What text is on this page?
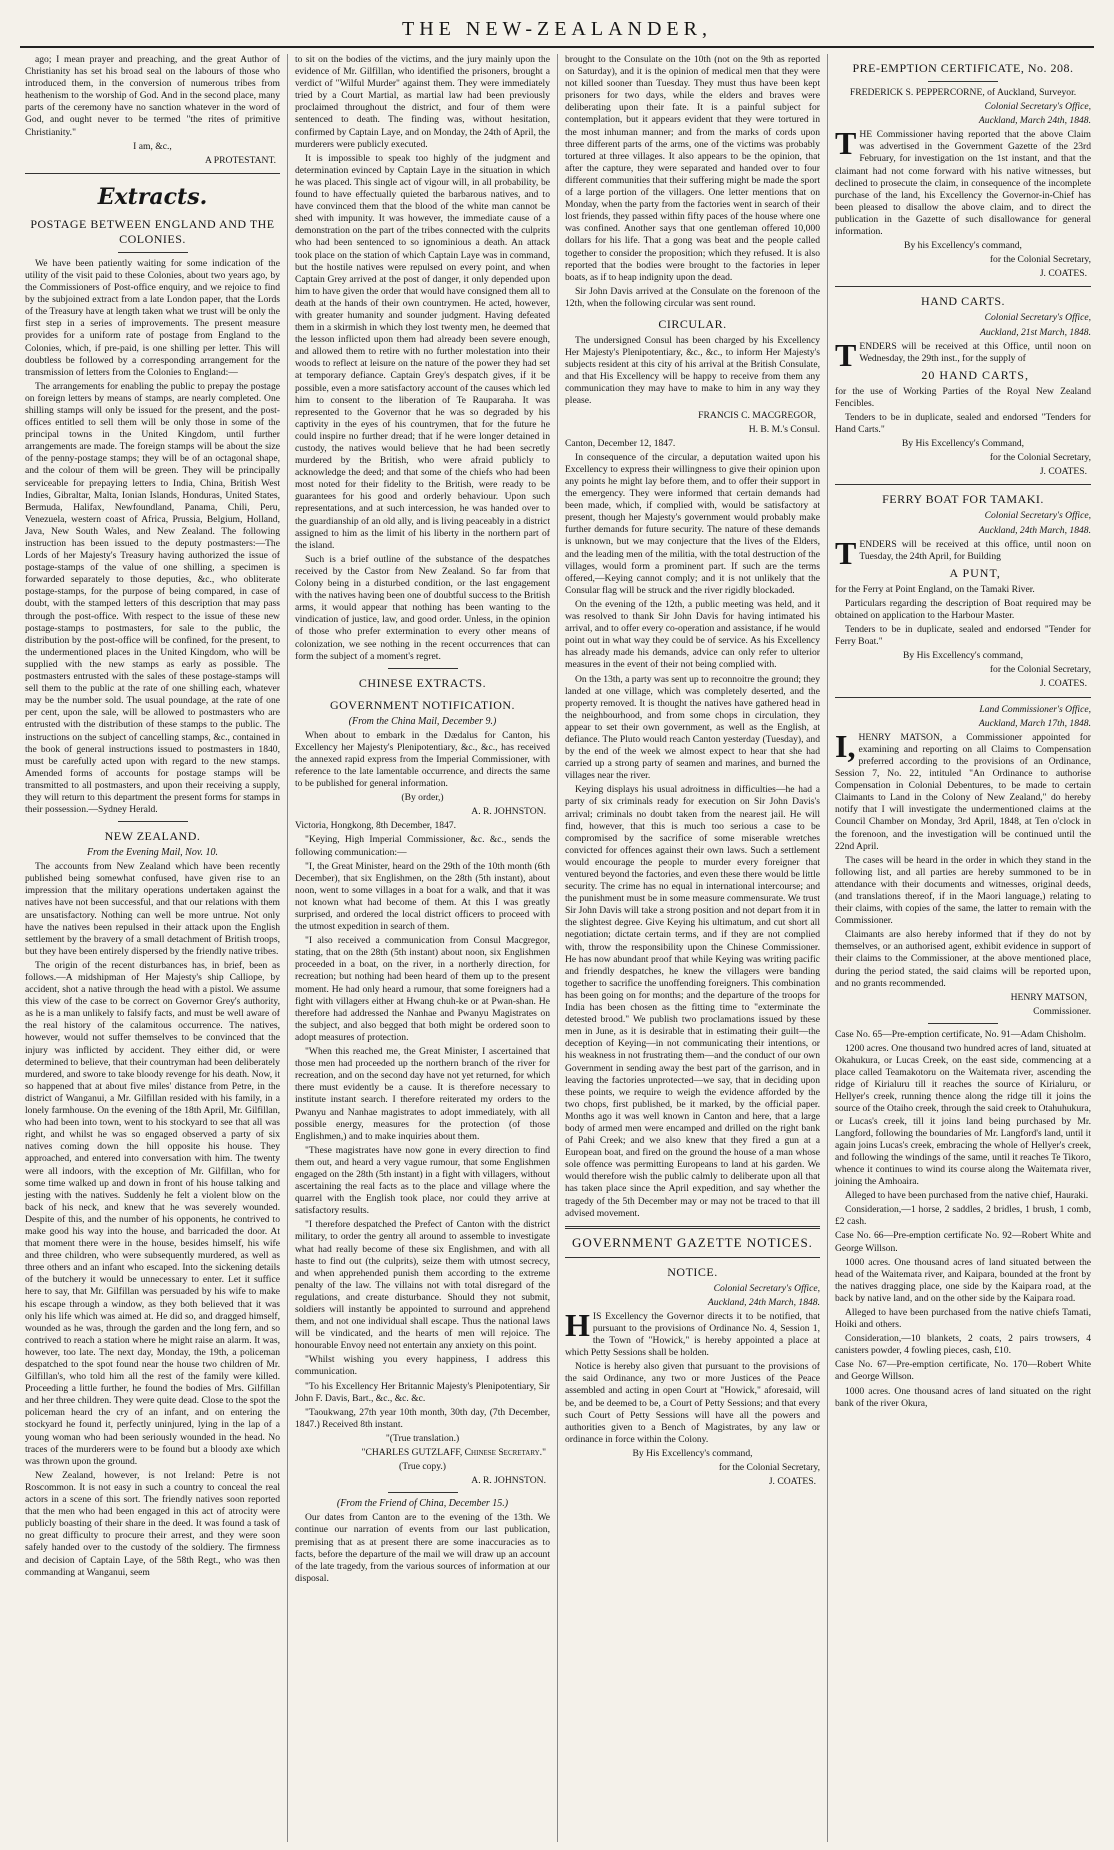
THE NEW-ZEALANDER,

ago; I mean prayer and preaching, and the great Author of Christianity has set his broad seal on the labours of those who introduced them, in the conversion of numerous tribes from heathenism to the worship of God. And in the second place, many parts of the ceremony have no sanction whatever in the word of God, and ought never to be termed "the rites of primitive Christianity."

I am, &c.,

A PROTESTANT.

Extracts.
POSTAGE BETWEEN ENGLAND AND THE COLONIES.

We have been patiently waiting for some indication of the utility of the visit paid to these Colonies, about two years ago, by the Commissioners of Post-office enquiry, and we rejoice to find by the subjoined extract from a late London paper, that the Lords of the Treasury have at length taken what we trust will be only the first step in a series of improvements. The present measure provides for a uniform rate of postage from England to the Colonies, which, if pre-paid, is one shilling per letter. This will doubtless be followed by a corresponding arrangement for the transmission of letters from the Colonies to England:—

The arrangements for enabling the public to prepay the postage on foreign letters by means of stamps, are nearly completed. One shilling stamps will only be issued for the present, and the post-offices entitled to sell them will be only those in some of the principal towns in the United Kingdom, until further arrangements are made. The foreign stamps will be about the size of the penny-postage stamps; they will be of an octagonal shape, and the colour of them will be green. They will be principally serviceable for prepaying letters to India, China, British West Indies, Gibraltar, Malta, Ionian Islands, Honduras, United States, Bermuda, Halifax, Newfoundland, Panama, Chili, Peru, Venezuela, western coast of Africa, Prussia, Belgium, Holland, Java, New South Wales, and New Zealand. The following instruction has been issued to the deputy postmasters:—The Lords of her Majesty's Treasury having authorized the issue of postage-stamps of the value of one shilling, a specimen is forwarded separately to those deputies, &c., who obliterate postage-stamps, for the purpose of being compared, in case of doubt, with the stamped letters of this description that may pass through the post-office. With respect to the issue of these new postage-stamps to postmasters, for sale to the public, the distribution by the post-office will be confined, for the present, to the undermentioned places in the United Kingdom, who will be supplied with the new stamps as early as possible. The postmasters entrusted with the sales of these postage-stamps will sell them to the public at the rate of one shilling each, whatever may be the number sold. The usual poundage, at the rate of one per cent, upon the sale, will be allowed to postmasters who are entrusted with the distribution of these stamps to the public. The instructions on the subject of cancelling stamps, &c., contained in the book of general instructions issued to postmasters in 1840, must be carefully acted upon with regard to the new stamps. Amended forms of accounts for postage stamps will be transmitted to all postmasters, and upon their receiving a supply, they will return to this department the present forms for stamps in their possession.—Sydney Herald.

NEW ZEALAND.
From the Evening Mail, Nov. 10.

The accounts from New Zealand which have been recently published being somewhat confused, have given rise to an impression that the military operations undertaken against the natives have not been successful, and that our relations with them are unsatisfactory. Nothing can well be more untrue. Not only have the natives been repulsed in their attack upon the English settlement by the bravery of a small detachment of British troops, but they have been entirely dispersed by the friendly native tribes.

The origin of the recent disturbances has, in brief, been as follows.—A midshipman of Her Majesty's ship Calliope, by accident, shot a native through the head with a pistol. We assume this view of the case to be correct on Governor Grey's authority, as he is a man unlikely to falsify facts, and must be well aware of the real history of the calamitous occurrence. The natives, however, would not suffer themselves to be convinced that the injury was inflicted by accident. They either did, or were determined to believe, that their countryman had been deliberately murdered, and swore to take bloody revenge for his death. Now, it so happened that at about five miles' distance from Petre, in the district of Wanganui, a Mr. Gilfillan resided with his family, in a lonely farmhouse. On the evening of the 18th April, Mr. Gilfillan, who had been into town, went to his stockyard to see that all was right, and whilst he was so engaged observed a party of six natives coming down the hill opposite his house. They approached, and entered into conversation with him. The twenty were all indoors, with the exception of Mr. Gilfillan, who for some time walked up and down in front of his house talking and jesting with the natives. Suddenly he felt a violent blow on the back of his neck, and knew that he was severely wounded. Despite of this, and the number of his opponents, he contrived to make good his way into the house, and barricaded the door. At that moment there were in the house, besides himself, his wife and three children, who were subsequently murdered, as well as three others and an infant who escaped. Into the sickening details of the butchery it would be unnecessary to enter. Let it suffice here to say, that Mr. Gilfillan was persuaded by his wife to make his escape through a window, as they both believed that it was only his life which was aimed at. He did so, and dragged himself, wounded as he was, through the garden and the long fern, and so contrived to reach a station where he might raise an alarm. It was, however, too late. The next day, Monday, the 19th, a policeman despatched to the spot found near the house two children of Mr. Gilfillan's, who told him all the rest of the family were killed. Proceeding a little further, he found the bodies of Mrs. Gilfillan and her three children. They were quite dead. Close to the spot the policeman heard the cry of an infant, and on entering the stockyard he found it, perfectly uninjured, lying in the lap of a young woman who had been seriously wounded in the head. No traces of the murderers were to be found but a bloody axe which was thrown upon the ground.

New Zealand, however, is not Ireland: Petre is not Roscommon. It is not easy in such a country to conceal the real actors in a scene of this sort. The friendly natives soon reported that the men who had been engaged in this act of atrocity were publicly boasting of their share in the deed. It was found a task of no great difficulty to procure their arrest, and they were soon safely handed over to the custody of the soldiery. The firmness and decision of Captain Laye, of the 58th Regt., who was then commanding at Wanganui, seem

to sit on the bodies of the victims, and the jury mainly upon the evidence of Mr. Gilfillan, who identified the prisoners, brought a verdict of "Wilful Murder" against them. They were immediately tried by a Court Martial, as martial law had been previously proclaimed throughout the district, and four of them were sentenced to death. The finding was, without hesitation, confirmed by Captain Laye, and on Monday, the 24th of April, the murderers were publicly executed.

It is impossible to speak too highly of the judgment and determination evinced by Captain Laye in the situation in which he was placed. This single act of vigour will, in all probability, be found to have effectually quieted the barbarous natives, and to have convinced them that the blood of the white man cannot be shed with impunity. It was however, the immediate cause of a demonstration on the part of the tribes connected with the culprits who had been sentenced to so ignominious a death. An attack took place on the station of which Captain Laye was in command, but the hostile natives were repulsed on every point, and when Captain Grey arrived at the post of danger, it only depended upon him to have given the order that would have consigned them all to death at the hands of their own countrymen. He acted, however, with greater humanity and sounder judgment. Having defeated them in a skirmish in which they lost twenty men, he deemed that the lesson inflicted upon them had already been severe enough, and allowed them to retire with no further molestation into their woods to reflect at leisure on the nature of the power they had set at temporary defiance. Captain Grey's despatch gives, if it be possible, even a more satisfactory account of the causes which led him to consent to the liberation of Te Rauparaha. It was represented to the Governor that he was so degraded by his captivity in the eyes of his countrymen, that for the future he could inspire no further dread; that if he were longer detained in custody, the natives would believe that he had been secretly murdered by the British, who were afraid publicly to acknowledge the deed; and that some of the chiefs who had been most noted for their fidelity to the British, were ready to be guarantees for his good and orderly behaviour. Upon such representations, and at such intercession, he was handed over to the guardianship of an old ally, and is living peaceably in a district assigned to him as the limit of his liberty in the northern part of the island.

Such is a brief outline of the substance of the despatches received by the Castor from New Zealand. So far from that Colony being in a disturbed condition, or the last engagement with the natives having been one of doubtful success to the British arms, it would appear that nothing has been wanting to the vindication of justice, law, and good order. Unless, in the opinion of those who prefer extermination to every other means of colonization, we see nothing in the recent occurrences that can form the subject of a moment's regret.

CHINESE EXTRACTS.
GOVERNMENT NOTIFICATION.
(From the China Mail, December 9.)

When about to embark in the Dædalus for Canton, his Excellency her Majesty's Plenipotentiary, &c., &c., has received the annexed rapid express from the Imperial Commissioner, with reference to the late lamentable occurrence, and directs the same to be published for general information.

(By order,)

A. R. JOHNSTON.

Victoria, Hongkong, 8th December, 1847.

"Keying, High Imperial Commissioner, &c. &c., sends the following communication:—

"I, the Great Minister, heard on the 29th of the 10th month (6th December), that six Englishmen, on the 28th (5th instant), about noon, went to some villages in a boat for a walk, and that it was not known what had become of them. At this I was greatly surprised, and ordered the local district officers to proceed with the utmost expedition in search of them.

"I also received a communication from Consul Macgregor, stating, that on the 28th (5th instant) about noon, six Englishmen proceeded in a boat, on the river, in a northerly direction, for recreation; but nothing had been heard of them up to the present moment. He had only heard a rumour, that some foreigners had a fight with villagers either at Hwang chuh-ke or at Pwan-shan. He therefore had addressed the Nanhae and Pwanyu Magistrates on the subject, and also begged that both might be ordered soon to adopt measures of protection.

"When this reached me, the Great Minister, I ascertained that those men had proceeded up the northern branch of the river for recreation, and on the second day have not yet returned, for which there must evidently be a cause. It is therefore necessary to institute instant search. I therefore reiterated my orders to the Pwanyu and Nanhae magistrates to adopt immediately, with all possible energy, measures for the protection (of those Englishmen,) and to make inquiries about them.

"These magistrates have now gone in every direction to find them out, and heard a very vague rumour, that some Englishmen engaged on the 28th (5th instant) in a fight with villagers, without ascertaining the real facts as to the place and village where the quarrel with the English took place, nor could they arrive at satisfactory results.

"I therefore despatched the Prefect of Canton with the district military, to order the gentry all around to assemble to investigate what had really become of these six Englishmen, and with all haste to find out (the culprits), seize them with utmost secrecy, and when apprehended punish them according to the extreme penalty of the law. The villains not with total disregard of the regulations, and create disturbance. Should they not submit, soldiers will instantly be appointed to surround and apprehend them, and not one individual shall escape. Thus the national laws will be vindicated, and the hearts of men will rejoice. The honourable Envoy need not entertain any anxiety on this point.

"Whilst wishing you every happiness, I address this communication.

"To his Excellency Her Britannic Majesty's Plenipotentiary, Sir John F. Davis, Bart., &c., &c. &c.

"Taoukwang, 27th year 10th month, 30th day, (7th December, 1847.) Received 8th instant.

"(True translation.)

"CHARLES GUTZLAFF, Chinese Secretary."

(True copy.)

A. R. JOHNSTON.

(From the Friend of China, December 15.)

Our dates from Canton are to the evening of the 13th. We continue our narration of events from our last publication, premising that as at present there are some inaccuracies as to facts, before the departure of the mail we will draw up an account of the late tragedy, from the various sources of information at our disposal.

brought to the Consulate on the 10th (not on the 9th as reported on Saturday), and it is the opinion of medical men that they were not killed sooner than Tuesday. They must thus have been kept prisoners for two days, while the elders and braves were deliberating upon their fate. It is a painful subject for contemplation, but it appears evident that they were tortured in the most inhuman manner; and from the marks of cords upon three different parts of the arms, one of the victims was probably tortured at three villages. It also appears to be the opinion, that after the capture, they were separated and handed over to four different communities that their suffering might be made the sport of a large portion of the villagers. One letter mentions that on Monday, when the party from the factories went in search of their lost friends, they passed within fifty paces of the house where one was confined. Another says that one gentleman offered 10,000 dollars for his life. That a gong was beat and the people called together to consider the proposition; which they refused. It is also reported that the bodies were brought to the factories in leper boats, as if to heap indignity upon the dead.

Sir John Davis arrived at the Consulate on the forenoon of the 12th, when the following circular was sent round.

CIRCULAR.

The undersigned Consul has been charged by his Excellency Her Majesty's Plenipotentiary, &c., &c., to inform Her Majesty's subjects resident at this city of his arrival at the British Consulate, and that His Excellency will be happy to receive from them any communication they may have to make to him in any way they please.

FRANCIS C. MACGREGOR,

H. B. M.'s Consul.

Canton, December 12, 1847.

In consequence of the circular, a deputation waited upon his Excellency to express their willingness to give their opinion upon any points he might lay before them, and to offer their support in the emergency. They were informed that certain demands had been made, which, if complied with, would be satisfactory at present, though her Majesty's government would probably make further demands for future security. The nature of these demands is unknown, but we may conjecture that the lives of the Elders, and the leading men of the militia, with the total destruction of the villages, would form a prominent part. If such are the terms offered,—Keying cannot comply; and it is not unlikely that the Consular flag will be struck and the river rigidly blockaded.

On the evening of the 12th, a public meeting was held, and it was resolved to thank Sir John Davis for having intimated his arrival, and to offer every co-operation and assistance, if he would point out in what way they could be of service. As his Excellency has already made his demands, advice can only refer to ulterior measures in the event of their not being complied with.

On the 13th, a party was sent up to reconnoitre the ground; they landed at one village, which was completely deserted, and the property removed. It is thought the natives have gathered head in the neighbourhood, and from some chops in circulation, they appear to set their own government, as well as the English, at defiance. The Pluto would reach Canton yesterday (Tuesday), and by the end of the week we almost expect to hear that she had carried up a strong party of seamen and marines, and burned the villages near the river.

Keying displays his usual adroitness in difficulties—he had a party of six criminals ready for execution on Sir John Davis's arrival; criminals no doubt taken from the nearest jail. He will find, however, that this is much too serious a case to be compromised by the sacrifice of some miserable wretches convicted for offences against their own laws. Such a settlement would encourage the people to murder every foreigner that ventured beyond the factories, and even these there would be little security. The crime has no equal in international intercourse; and the punishment must be in some measure commensurate. We trust Sir John Davis will take a strong position and not depart from it in the slightest degree. Give Keying his ultimatum, and cut short all negotiation; dictate certain terms, and if they are not complied with, throw the responsibility upon the Chinese Commissioner. He has now abundant proof that while Keying was writing pacific and friendly despatches, he knew the villagers were banding together to sacrifice the unoffending foreigners. This combination has been going on for months; and the departure of the troops for India has been chosen as the fitting time to "exterminate the detested brood." We publish two proclamations issued by these men in June, as it is desirable that in estimating their guilt—the deception of Keying—in not communicating their intentions, or his weakness in not frustrating them—and the conduct of our own Government in sending away the best part of the garrison, and in leaving the factories unprotected—we say, that in deciding upon these points, we require to weigh the evidence afforded by the two chops, first published, be it marked, by the official paper. Months ago it was well known in Canton and here, that a large body of armed men were encamped and drilled on the right bank of Pahi Creek; and we also knew that they fired a gun at a European boat, and fired on the ground the house of a man whose sole offence was permitting Europeans to land at his garden. We would therefore wish the public calmly to deliberate upon all that has taken place since the April expedition, and say whether the tragedy of the 5th December may or may not be traced to that ill advised movement.

GOVERNMENT GAZETTE NOTICES.
NOTICE.

Colonial Secretary's Office,

Auckland, 24th March, 1848.

HIS Excellency the Governor directs it to be notified, that pursuant to the provisions of Ordinance No. 4, Session 1, the Town of "Howick," is hereby appointed a place at which Petty Sessions shall be holden.

Notice is hereby also given that pursuant to the provisions of the said Ordinance, any two or more Justices of the Peace assembled and acting in open Court at "Howick," aforesaid, will be, and be deemed to be, a Court of Petty Sessions; and that every such Court of Petty Sessions will have all the powers and authorities given to a Bench of Magistrates, by any law or ordinance in force within the Colony.

By His Excellency's command,

for the Colonial Secretary,

J. COATES.

PRE-EMPTION CERTIFICATE, No. 208.

FREDERICK S. PEPPERCORNE, of Auckland, Surveyor.

Colonial Secretary's Office,

Auckland, March 24th, 1848.

THE Commissioner having reported that the above Claim was advertised in the Government Gazette of the 23rd February, for investigation on the 1st instant, and that the claimant had not come forward with his native witnesses, but declined to prosecute the claim, in consequence of the incomplete purchase of the land, his Excellency the Governor-in-Chief has been pleased to disallow the above claim, and to direct the publication in the Gazette of such disallowance for general information.

By his Excellency's command,

for the Colonial Secretary,

J. COATES.

HAND CARTS.

Colonial Secretary's Office,

Auckland, 21st March, 1848.

TENDERS will be received at this Office, until noon on Wednesday, the 29th inst., for the supply of

20 HAND CARTS,

for the use of Working Parties of the Royal New Zealand Fencibles.

Tenders to be in duplicate, sealed and endorsed "Tenders for Hand Carts."

By His Excellency's Command,

for the Colonial Secretary,

J. COATES.

FERRY BOAT FOR TAMAKI.

Colonial Secretary's Office,

Auckland, 24th March, 1848.

TENDERS will be received at this office, until noon on Tuesday, the 24th April, for Building

A PUNT,

for the Ferry at Point England, on the Tamaki River.

Particulars regarding the description of Boat required may be obtained on application to the Harbour Master.

Tenders to be in duplicate, sealed and endorsed "Tender for Ferry Boat."

By His Excellency's command,

for the Colonial Secretary,

J. COATES.

Land Commissioner's Office,

Auckland, March 17th, 1848.

I, HENRY MATSON, a Commissioner appointed for examining and reporting on all Claims to Compensation preferred according to the provisions of an Ordinance, Session 7, No. 22, intituled "An Ordinance to authorise Compensation in Colonial Debentures, to be made to certain Claimants to Land in the Colony of New Zealand," do hereby notify that I will investigate the undermentioned claims at the Council Chamber on Monday, 3rd April, 1848, at Ten o'clock in the forenoon, and the investigation will be continued until the 22nd April.

The cases will be heard in the order in which they stand in the following list, and all parties are hereby summoned to be in attendance with their documents and witnesses, original deeds, (and translations thereof, if in the Maori language,) relating to their claims, with copies of the same, the latter to remain with the Commissioner.

Claimants are also hereby informed that if they do not by themselves, or an authorised agent, exhibit evidence in support of their claims to the Commissioner, at the above mentioned place, during the period stated, the said claims will be reported upon, and no grants recommended.

HENRY MATSON,

Commissioner.

Case No. 65—Pre-emption certificate, No. 91—Adam Chisholm.

1200 acres. One thousand two hundred acres of land, situated at Okahukura, or Lucas Creek, on the east side, commencing at a place called Teamakotoru on the Waitemata river, ascending the ridge of Kirialuru till it reaches the source of Kirialuru, or Hellyer's creek, running thence along the ridge till it joins the source of the Otaiho creek, through the said creek to Otahuhukura, or Lucas's creek, till it joins land being purchased by Mr. Langford, following the boundaries of Mr. Langford's land, until it again joins Lucas's creek, embracing the whole of Hellyer's creek, and following the windings of the same, until it reaches Te Tikoro, whence it continues to wind its course along the Waitemata river, joining the Amhoaira.

Alleged to have been purchased from the native chief, Hauraki.

Consideration,—1 horse, 2 saddles, 2 bridles, 1 brush, 1 comb, £2 cash.

Case No. 66—Pre-emption certificate No. 92—Robert White and George Willson.

1000 acres. One thousand acres of land situated between the head of the Waitemata river, and Kaipara, bounded at the front by the natives dragging place, one side by the Kaipara road, at the back by native land, and on the other side by the Kaipara road.

Alleged to have been purchased from the native chiefs Tamati, Hoiki and others.

Consideration,—10 blankets, 2 coats, 2 pairs trowsers, 4 canisters powder, 4 fowling pieces, cash, £10.

Case No. 67—Pre-emption certificate, No. 170—Robert White and George Willson.

1000 acres. One thousand acres of land situated on the right bank of the river Okura,
